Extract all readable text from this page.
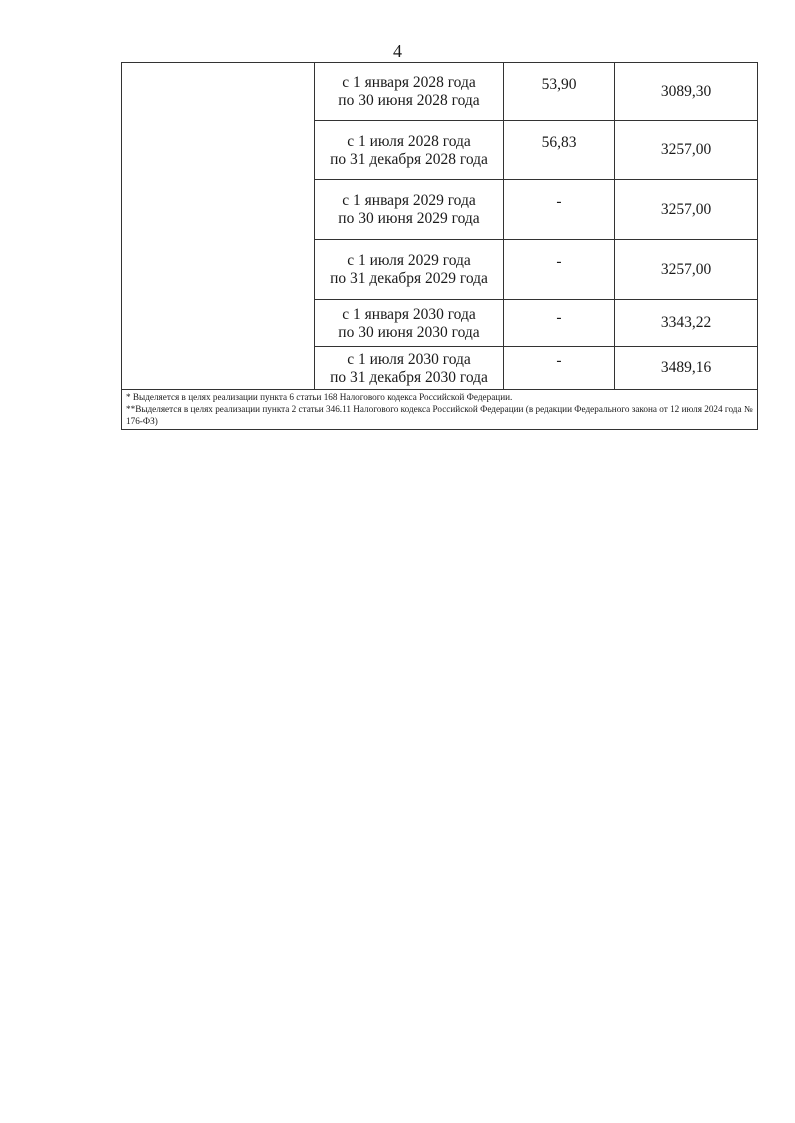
4

	с 1 января 2028 года
по 30 июня 2028 года	53,90	3089,30

	с 1 июля 2028 года
по 31 декабря 2028 года	56,83	3257,00

	с 1 января 2029 года
по 30 июня 2029 года	-	3257,00

	с 1 июля 2029 года
по 31 декабря 2029 года	-	3257,00

	с 1 января 2030 года
по 30 июня 2030 года	-	3343,22

	с 1 июля 2030 года
по 31 декабря 2030 года	-	3489,16

* Выделяется в целях реализации пункта 6 статьи 168 Налогового кодекса Российской Федерации.
**Выделяется в целях реализации пункта 2 статьи 346.11 Налогового кодекса Российской Федерации (в редакции Федерального закона от 12 июля 2024 года № 176-ФЗ)			
